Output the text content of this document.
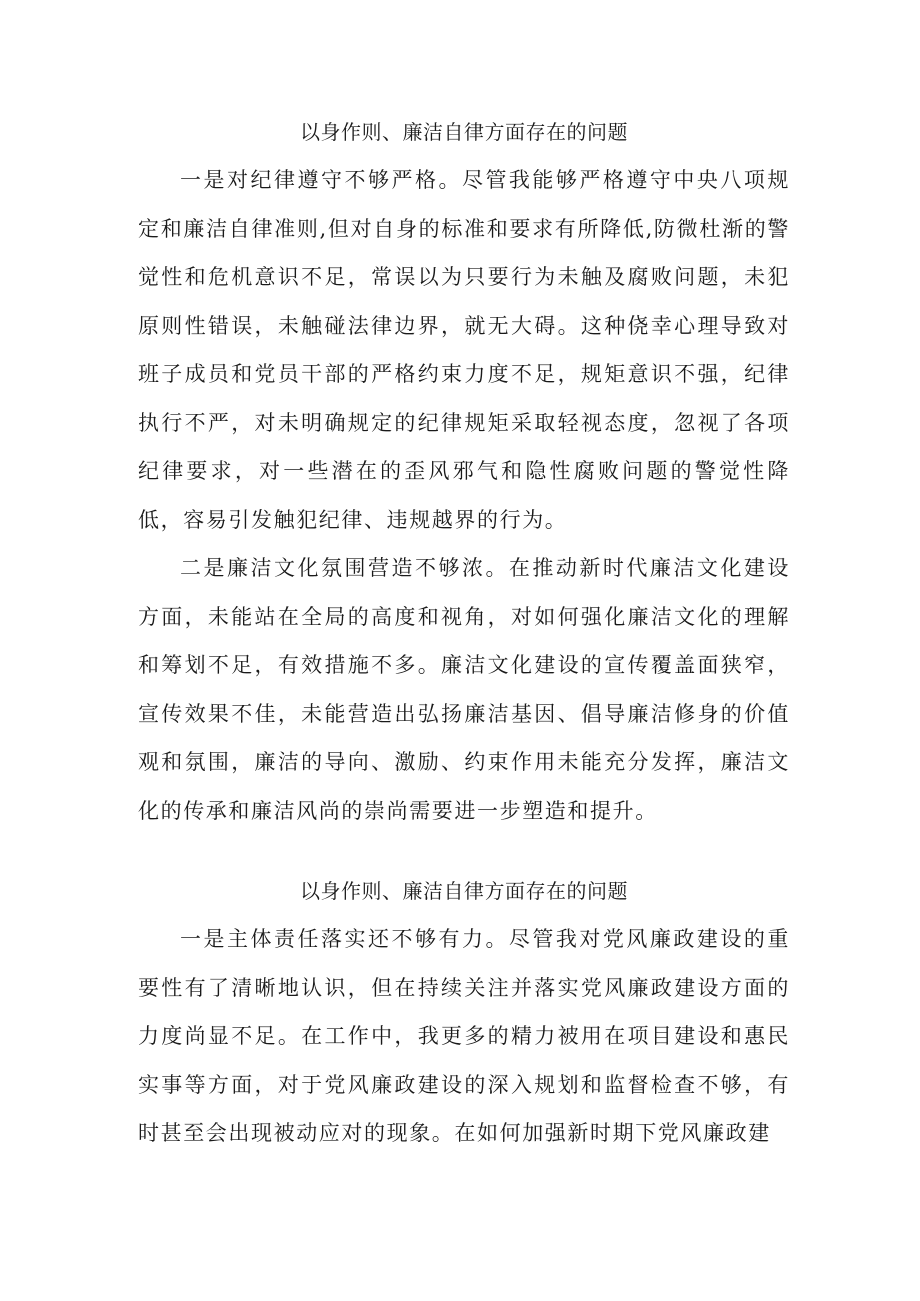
以身作则、廉洁自律方面存在的问题

一是对纪律遵守不够严格。尽管我能够严格遵守中央八项规定和廉洁自律准则,但对自身的标准和要求有所降低,防微杜渐的警觉性和危机意识不足，常误以为只要行为未触及腐败问题，未犯原则性错误，未触碰法律边界，就无大碍。这种侥幸心理导致对班子成员和党员干部的严格约束力度不足，规矩意识不强，纪律执行不严，对未明确规定的纪律规矩采取轻视态度，忽视了各项纪律要求，对一些潜在的歪风邪气和隐性腐败问题的警觉性降低，容易引发触犯纪律、违规越界的行为。

二是廉洁文化氛围营造不够浓。在推动新时代廉洁文化建设方面，未能站在全局的高度和视角，对如何强化廉洁文化的理解和筹划不足，有效措施不多。廉洁文化建设的宣传覆盖面狭窄，宣传效果不佳，未能营造出弘扬廉洁基因、倡导廉洁修身的价值观和氛围，廉洁的导向、激励、约束作用未能充分发挥，廉洁文化的传承和廉洁风尚的崇尚需要进一步塑造和提升。

以身作则、廉洁自律方面存在的问题

一是主体责任落实还不够有力。尽管我对党风廉政建设的重要性有了清晰地认识，但在持续关注并落实党风廉政建设方面的力度尚显不足。在工作中，我更多的精力被用在项目建设和惠民实事等方面，对于党风廉政建设的深入规划和监督检查不够，有时甚至会出现被动应对的现象。在如何加强新时期下党风廉政建
